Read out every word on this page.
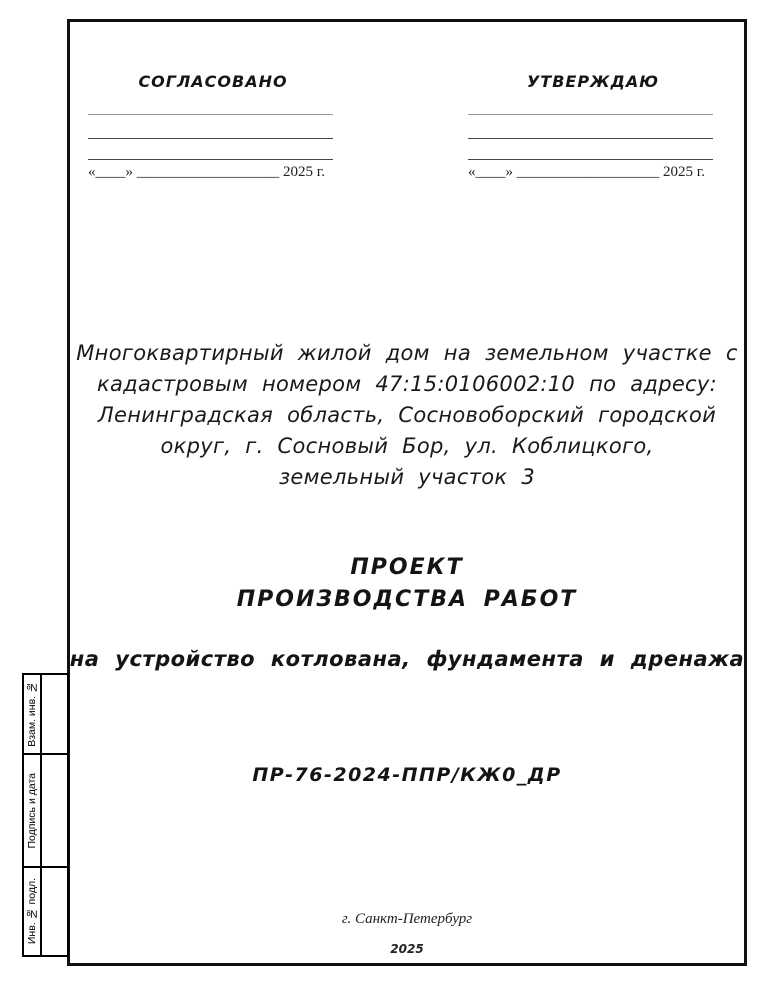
СОГЛАСОВАНО
«____» ___________________ 2025 г.
УТВЕРЖДАЮ
«____» ___________________ 2025 г.
Многоквартирный жилой дом на земельном участке с
кадастровым номером 47:15:0106002:10 по адресу:
Ленинградская область, Сосновоборский городской
округ, г. Сосновый Бор, ул. Коблицкого,
земельный участок 3
ПРОЕКТ
ПРОИЗВОДСТВА РАБОТ
на устройство котлована, фундамента и дренажа
ПР-76-2024-ППР/КЖ0_ДР
г. Санкт-Петербург
2025
Взам. инв. №
Подпись и дата
Инв. № подл.
